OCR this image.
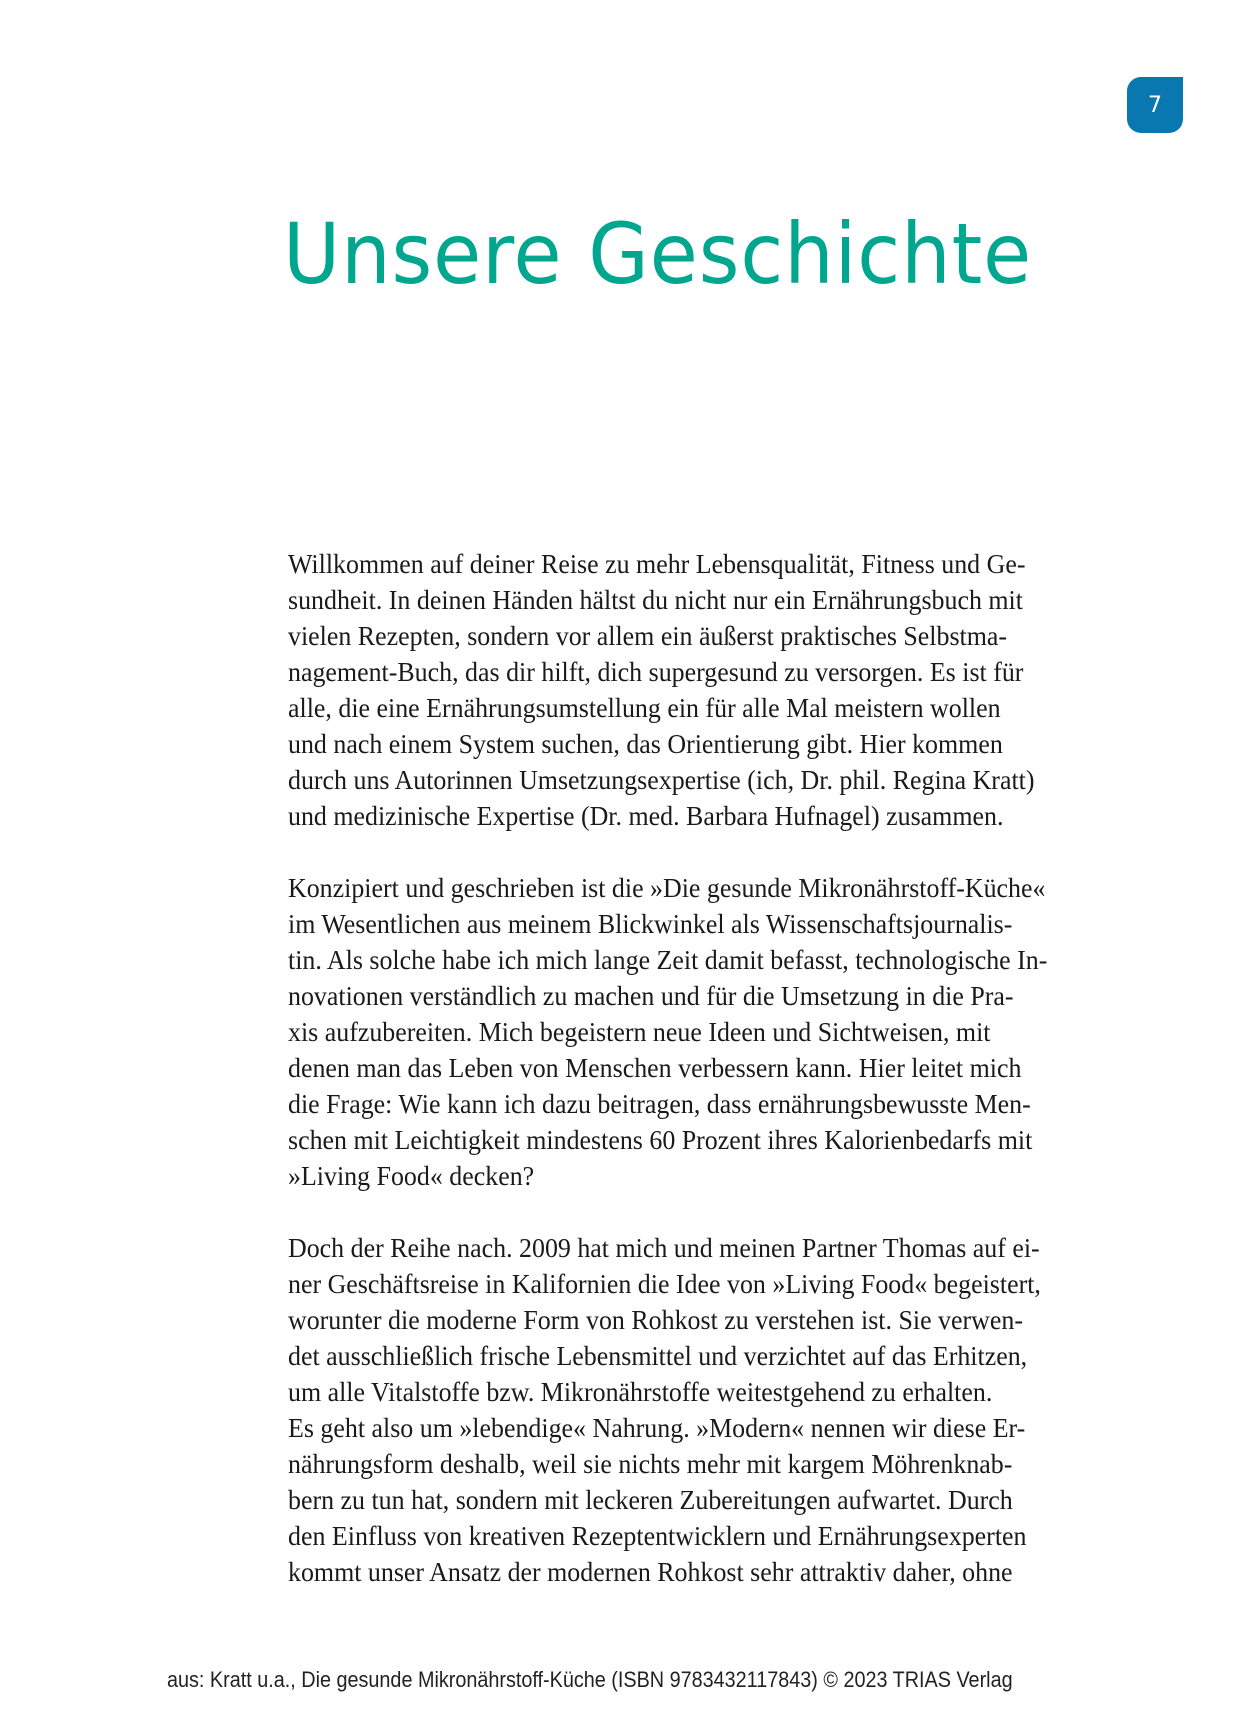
7
Unsere Geschichte

Willkommen auf deiner Reise zu mehr Lebensqualität, Fitness und Ge-
sundheit. In deinen Händen hältst du nicht nur ein Ernährungsbuch mit
vielen Rezepten, sondern vor allem ein äußerst praktisches Selbstma-
nagement-Buch, das dir hilft, dich supergesund zu versorgen. Es ist für
alle, die eine Ernährungsumstellung ein für alle Mal meistern wollen
und nach einem System suchen, das Orientierung gibt. Hier kommen
durch uns Autorinnen Umsetzungsexpertise (ich, Dr. phil. Regina Kratt)
und medizinische Expertise (Dr. med. Barbara Hufnagel) zusammen.

Konzipiert und geschrieben ist die »Die gesunde Mikronährstoff-Küche«
im Wesentlichen aus meinem Blickwinkel als Wissenschaftsjournalis-
tin. Als solche habe ich mich lange Zeit damit befasst, technologische In-
novationen verständlich zu machen und für die Umsetzung in die Pra-
xis aufzubereiten. Mich begeistern neue Ideen und Sichtweisen, mit
denen man das Leben von Menschen verbessern kann. Hier leitet mich
die Frage: Wie kann ich dazu beitragen, dass ernährungsbewusste Men-
schen mit Leichtigkeit mindestens 60 Prozent ihres Kalorienbedarfs mit
»Living Food« decken?

Doch der Reihe nach. 2009 hat mich und meinen Partner Thomas auf ei-
ner Geschäftsreise in Kalifornien die Idee von »Living Food« begeistert,
worunter die moderne Form von Rohkost zu verstehen ist. Sie verwen-
det ausschließlich frische Lebensmittel und verzichtet auf das Erhitzen,
um alle Vitalstoffe bzw. Mikronährstoffe weitestgehend zu erhalten.
Es geht also um »lebendige« Nahrung. »Modern« nennen wir diese Er-
nährungsform deshalb, weil sie nichts mehr mit kargem Möhrenknab-
bern zu tun hat, sondern mit leckeren Zubereitungen aufwartet. Durch
den Einfluss von kreativen Rezeptentwicklern und Ernährungsexperten
kommt unser Ansatz der modernen Rohkost sehr attraktiv daher, ohne

aus: Kratt u.a., Die gesunde Mikronährstoff-Küche (ISBN 9783432117843) © 2023 TRIAS Verlag
